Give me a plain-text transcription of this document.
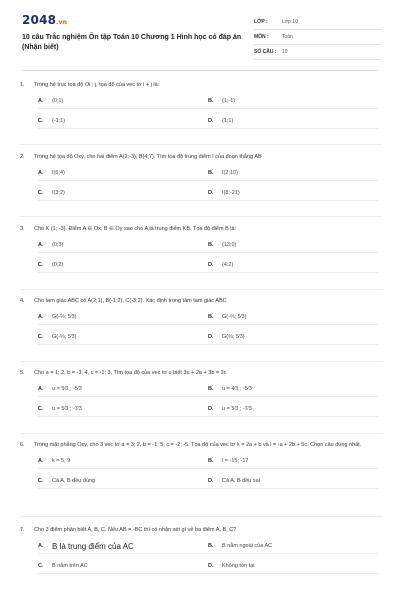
2048.vn
10 câu Trắc nghiệm Ôn tập Toán 10 Chương 1 Hình học có đáp án (Nhận biết)
LỚP :	Lớp 10
MÔN :	Toán
SỐ CÂU :	10
1.	Trong hệ trục tọa độ Oi ; j, tọa độ của vec tơ i + j là:
A.	(0;1)	B.	(1;-1)
C.	(-1;1)	D.	(1;1)
2.	Trong hệ tọa độ Oxy, cho hai điểm A(2;-3), B(4;7). Tìm tọa độ trung điểm I của đoạn thẳng AB
A.	I(6;4)	B.	I(2;10)
C.	I(3;2)	D.	I(8;-21)
3.	Cho K (1; -3). Điểm A ∈ Ox, B ∈ Oy sao cho A là trung điểm KB. Tọa độ điểm B là:
A.	(0;3)	B.	(13;0)
C.	(0;2)	D.	(4;2)
4.	Cho tam giác ABC có A(2;1), B(-1;2), C(-3;2). Xác định trọng tâm tam giác ABC
A.	G(-⅔; 5⁄3)	B.	G(-⅔; 5⁄3)
C.	G(-⅔; 5⁄3)	D.	G(⅔; 5⁄3)
5.	Cho a = 1; 2, b = -3; 4, c = -1; 3. Tìm tọa độ của vec tơ u biết 3u + 2a + 3b = 3c
A.	u = 5⁄3 ; -5⁄3	B.	u = 4⁄3 ; -5⁄3
C.	u = 5⁄3 ; -7⁄3	D.	u = 5⁄3 ; -7⁄3
6.	Trong mặt phẳng Oxy, cho 3 vec tơ a = 3; 2, b = -1; 5, c = -2; -5. Tọa độ của vec tơ k = 2a + b và l = -a + 2b + 5c. Chọn câu đúng nhất.
A.	k = 5; 9	B.	l = -15; -17
C.	Cả A, B đều đúng	D.	Cả A, B đều sai
7.	Cho 3 điểm phân biệt A, B, C. Nếu AB = -BC thì có nhận xét gì về ba điểm A, B, C?
A.	B là trung điểm của AC	B.	B nằm ngoài của AC
C.	B nằm trên AC	D.	Không tồn tại
